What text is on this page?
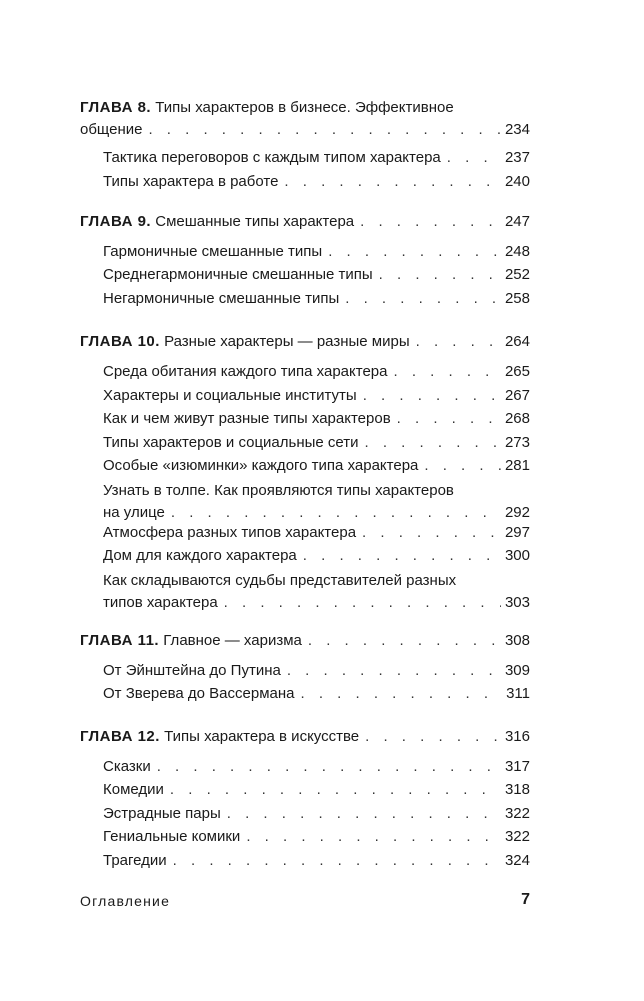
ГЛАВА 8. Типы характеров в бизнесе. Эффективное
общение . . .	234
Тактика переговоров с каждым типом характера . . .	237
Типы характера в работе . . .	240
ГЛАВА 9. Смешанные типы характера . . .	247
Гармоничные смешанные типы . . .	248
Среднегармоничные смешанные типы . . .	252
Негармоничные смешанные типы . . .	258
ГЛАВА 10. Разные характеры — разные миры . . .	264
Среда обитания каждого типа характера . . .	265
Характеры и социальные институты . . .	267
Как и чем живут разные типы характеров . . .	268
Типы характеров и социальные сети . . .	273
Особые «изюминки» каждого типа характера . . .	281
Узнать в толпе. Как проявляются типы характеров
на улице . . .	292
Атмосфера разных типов характера . . .	297
Дом для каждого характера . . .	300
Как складываются судьбы представителей разных
типов характера . . .	303
ГЛАВА 11. Главное — харизма . . .	308
От Эйнштейна до Путина . . .	309
От Зверева до Вассермана . . .	311
ГЛАВА 12. Типы характера в искусстве . . .	316
Сказки . . .	317
Комедии . . .	318
Эстрадные пары . . .	322
Гениальные комики . . .	322
Трагедии . . .	324
Оглавление	7
